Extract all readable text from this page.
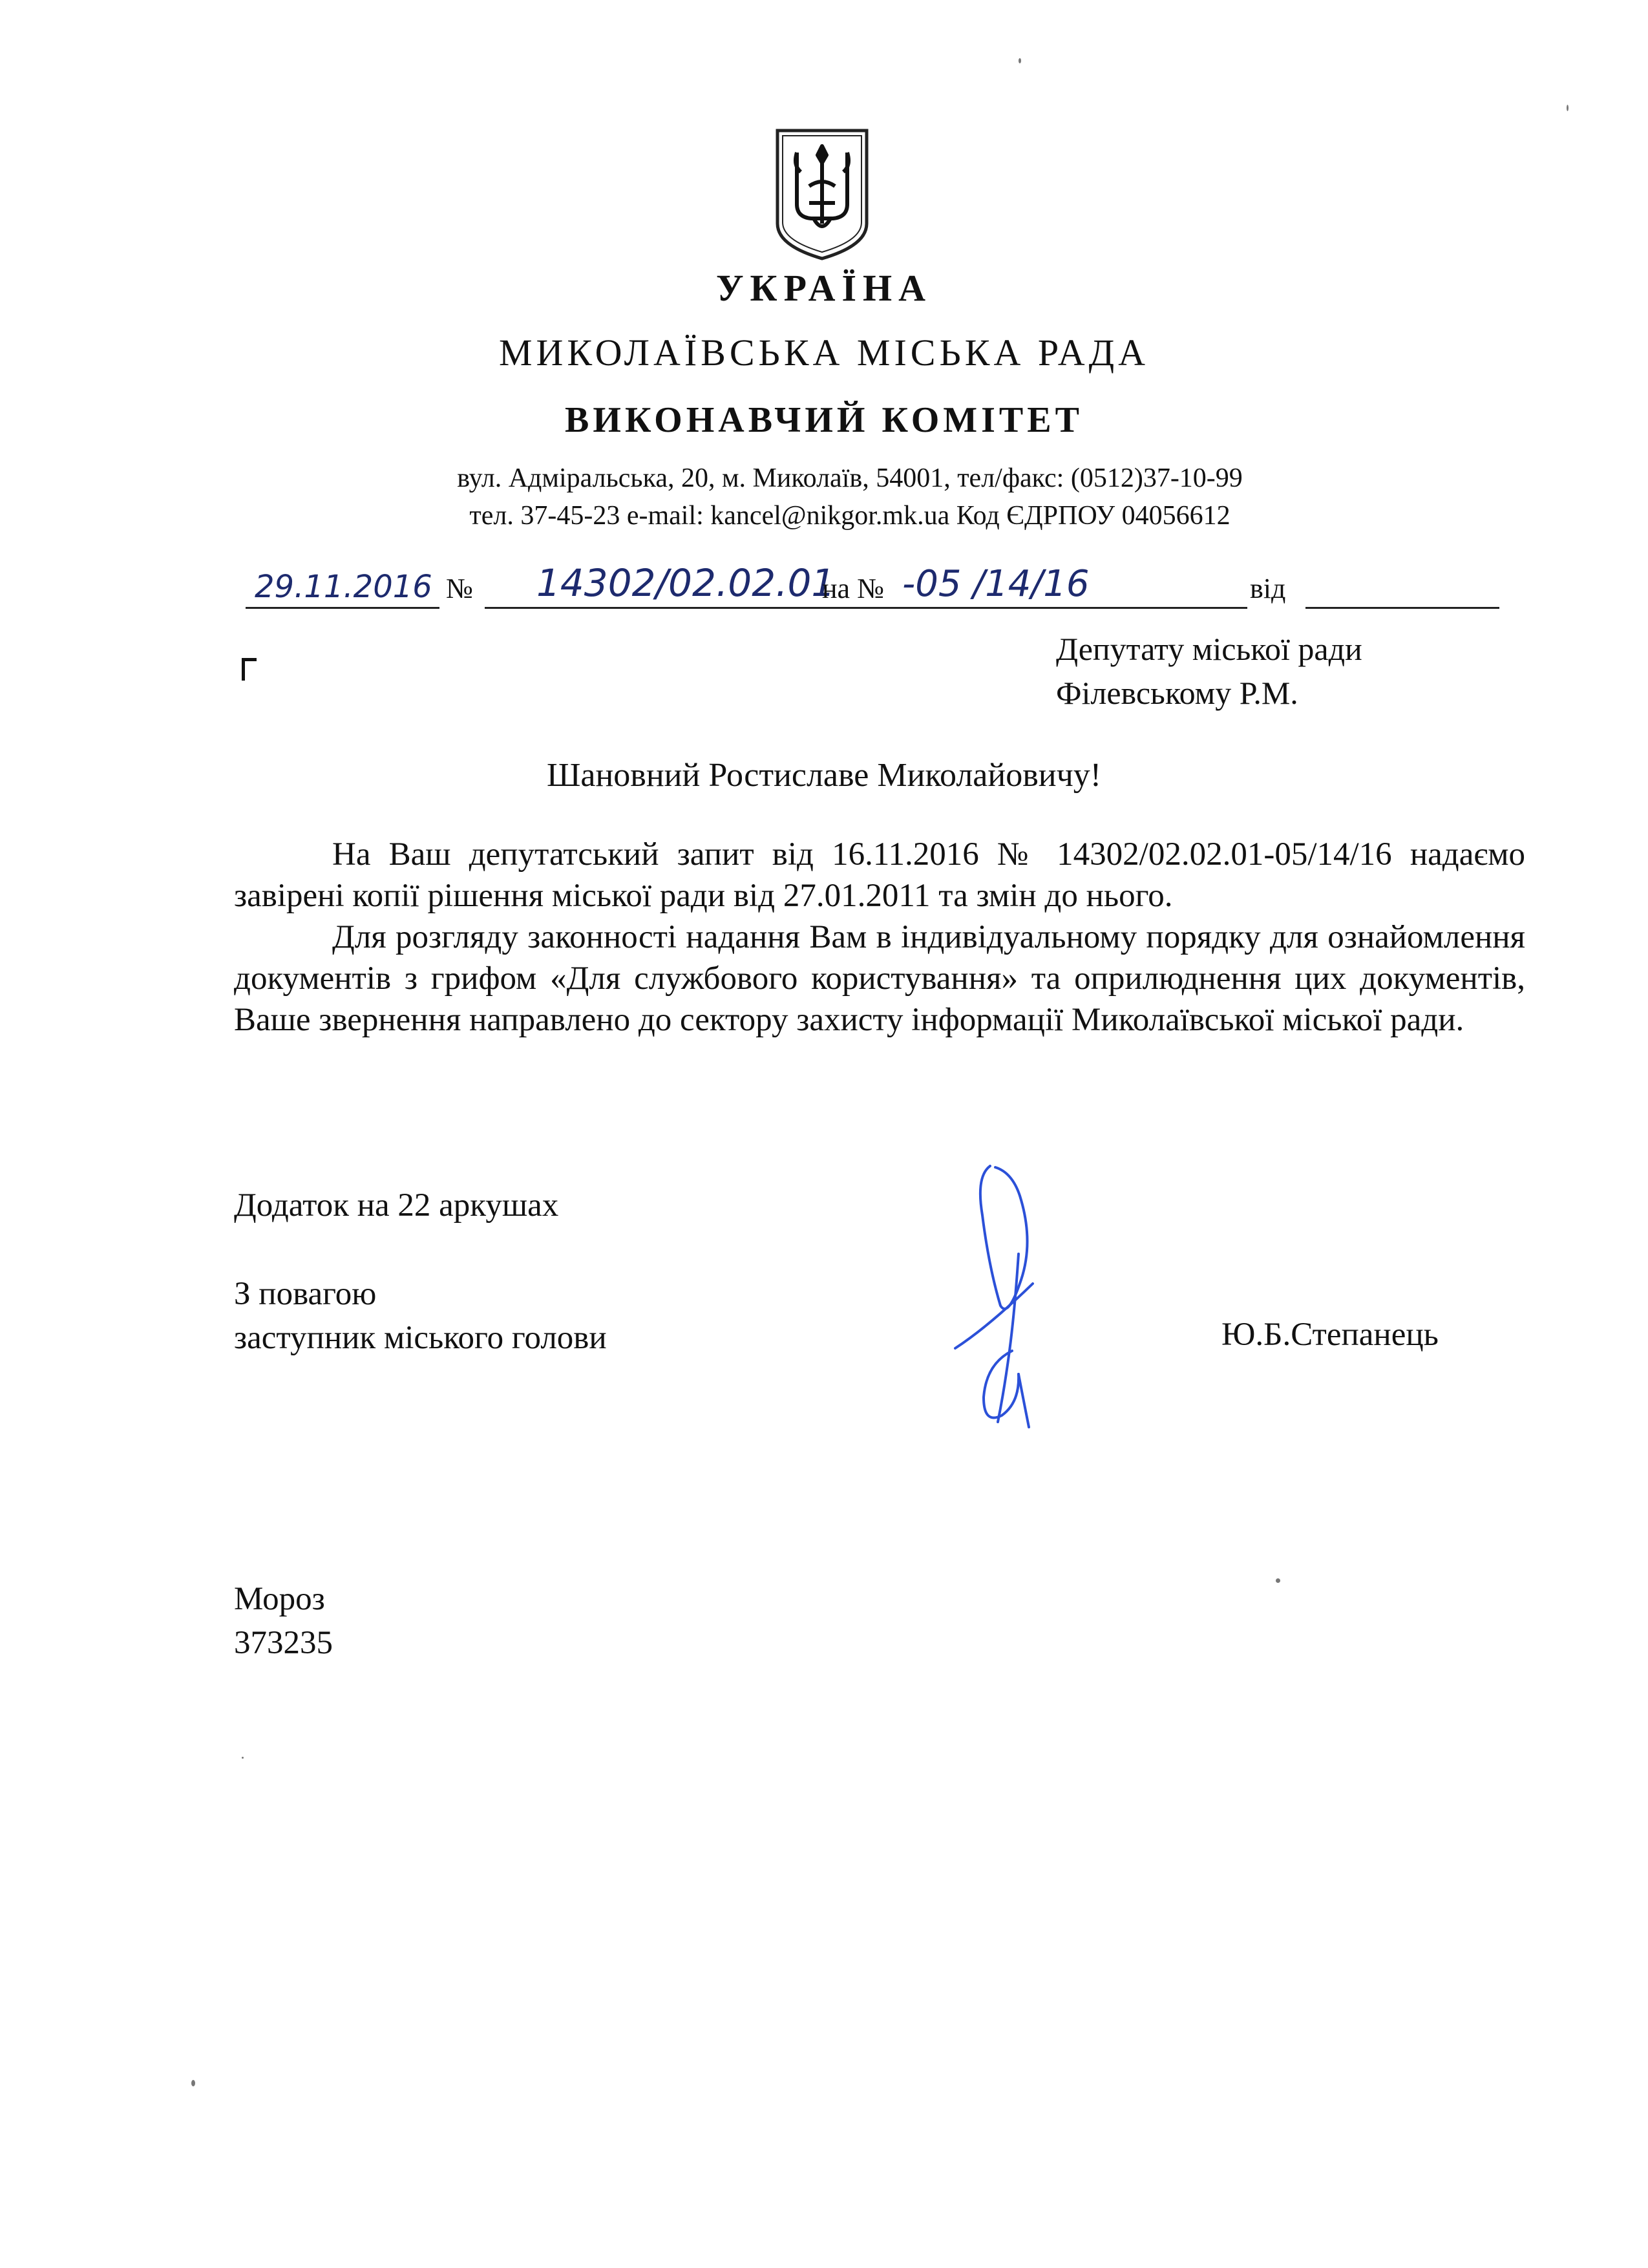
УКРАЇНА
МИКОЛАЇВСЬКА МІСЬКА РАДА
ВИКОНАВЧИЙ КОМІТЕТ
вул. Адміральська, 20, м. Миколаїв, 54001, тел/факс: (0512)37-10-99
тел. 37-45-23 e-mail: kancel@nikgor.mk.ua Код ЄДРПОУ 04056612
29.11.2016 № 14302/02.02.01
на № -05 /14/16	від
Депутату міської ради
Філевському Р.М.
Шановний Ростиславе Миколайовичу!

На Ваш депутатський запит від 16.11.2016 № 14302/02.02.01-05/14/16 надаємо завірені копії рішення міської ради від 27.01.2011 та змін до нього.

Для розгляду законності надання Вам в індивідуальному порядку для ознайомлення документів з грифом «Для службового користування» та оприлюднення цих документів, Ваше звернення направлено до сектору захисту інформації Миколаївської міської ради.

Додаток на 22 аркушах
З повагою
заступник міського голови	Ю.Б.Степанець
Мороз
373235
